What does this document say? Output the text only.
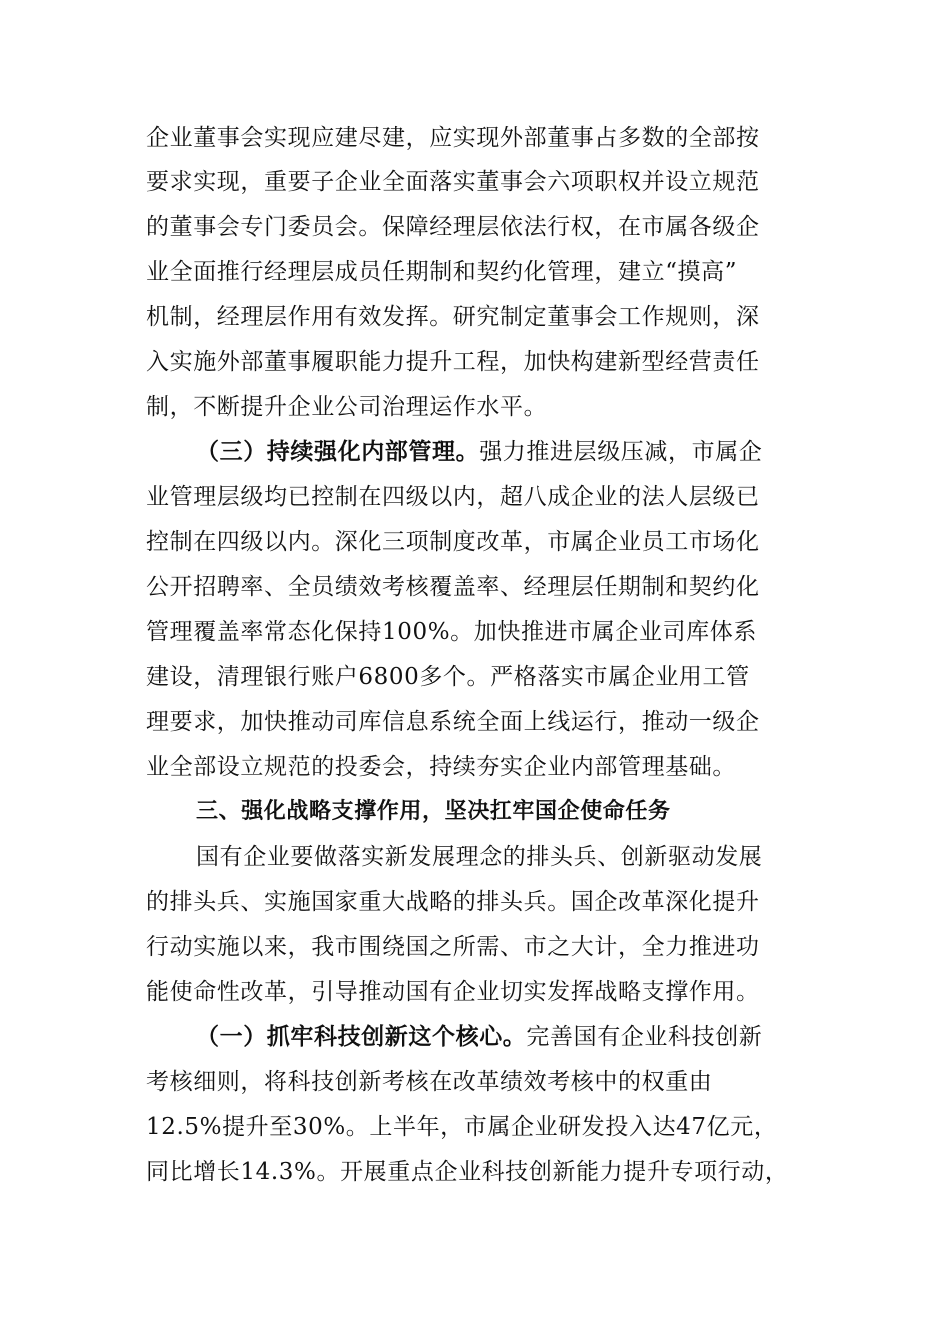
企业董事会实现应建尽建，应实现外部董事占多数的全部按
要求实现，重要子企业全面落实董事会六项职权并设立规范
的董事会专门委员会。保障经理层依法行权，在市属各级企
业全面推行经理层成员任期制和契约化管理，建立“摸高”
机制，经理层作用有效发挥。研究制定董事会工作规则，深
入实施外部董事履职能力提升工程，加快构建新型经营责任
制，不断提升企业公司治理运作水平。
（三）持续强化内部管理。强力推进层级压减，市属企
业管理层级均已控制在四级以内，超八成企业的法人层级已
控制在四级以内。深化三项制度改革，市属企业员工市场化
公开招聘率、全员绩效考核覆盖率、经理层任期制和契约化
管理覆盖率常态化保持100%。加快推进市属企业司库体系
建设，清理银行账户6800多个。严格落实市属企业用工管
理要求，加快推动司库信息系统全面上线运行，推动一级企
业全部设立规范的投委会，持续夯实企业内部管理基础。
三、强化战略支撑作用，坚决扛牢国企使命任务
国有企业要做落实新发展理念的排头兵、创新驱动发展
的排头兵、实施国家重大战略的排头兵。国企改革深化提升
行动实施以来，我市围绕国之所需、市之大计，全力推进功
能使命性改革，引导推动国有企业切实发挥战略支撑作用。
（一）抓牢科技创新这个核心。完善国有企业科技创新
考核细则，将科技创新考核在改革绩效考核中的权重由
12.5%提升至30%。上半年，市属企业研发投入达47亿元，
同比增长14.3%。开展重点企业科技创新能力提升专项行动，
